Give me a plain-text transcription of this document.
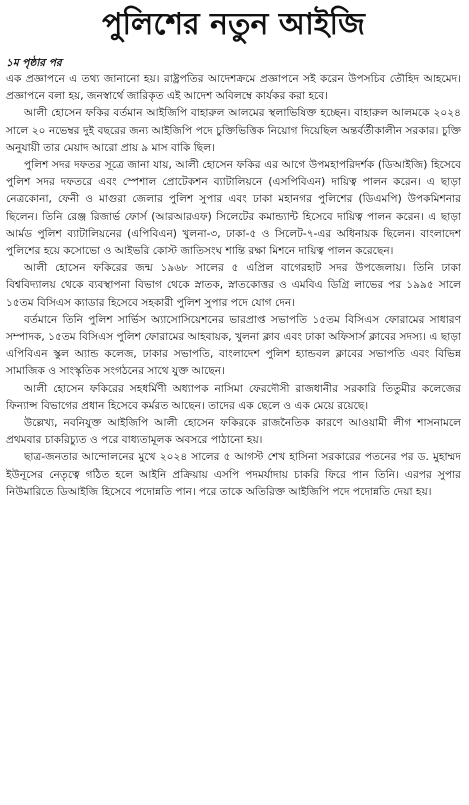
পুলিশের নতুন আইজি
১ম পৃষ্ঠার পর

এক প্রজ্ঞাপনে এ তথ্য জানানো হয়। রাষ্ট্রপতির আদেশক্রমে প্রজ্ঞাপনে সই করেন উপসচিব তৌহিদ আহমেদ। প্রজ্ঞাপনে বলা হয়, জনস্বার্থে জারিকৃত এই আদেশ অবিলম্বে কার্যকর করা হবে।

আলী হোসেন ফকির বর্তমান আইজিপি বাহারুল আলমের স্থলাভিষিক্ত হচ্ছেন। বাহারুল আলমকে ২০২৪ সালে ২০ নভেম্বর দুই বছরের জন্য আইজিপি পদে চুক্তিভিত্তিক নিয়োগ দিয়েছিল অন্তর্বর্তীকালীন সরকার। চুক্তি অনুযায়ী তার মেয়াদ আরো প্রায় ৯ মাস বাকি ছিল।

পুলিশ সদর দফতর সূত্রে জানা যায়, আলী হোসেন ফকির এর আগে উপমহাপরিদর্শক (ডিআইজি) হিসেবে পুলিশ সদর দফতরে এবং স্পেশাল প্রোটেকশন ব্যাটালিয়নে (এসপিবিএন) দায়িত্ব পালন করেন। এ ছাড়া নেত্রকোনা, ফেনী ও মাগুরা জেলার পুলিশ সুপার এবং ঢাকা মহানগর পুলিশের (ডিএমপি) উপকমিশনার ছিলেন। তিনি রেঞ্জ রিজার্ভ ফোর্স (আরআরএফ) সিলেটের কমান্ড্যান্ট হিসেবে দায়িত্ব পালন করেন। এ ছাড়া আর্মড পুলিশ ব্যাটালিয়নের (এপিবিএন) খুলনা-৩, ঢাকা-৫ ও সিলেট-৭-এর অধিনায়ক ছিলেন। বাংলাদেশ পুলিশের হয়ে কসোভো ও আইভরি কোস্ট জাতিসংঘ শান্তি রক্ষা মিশনে দায়িত্ব পালন করেছেন।

আলী হোসেন ফকিরের জন্ম ১৯৬৮ সালের ৫ এপ্রিল বাগেরহাট সদর উপজেলায়। তিনি ঢাকা বিশ্ববিদ্যালয় থেকে ব্যবস্থাপনা বিভাগ থেকে স্নাতক, স্নাতকোত্তর ও এমবিএ ডিগ্রি লাভের পর ১৯৯৫ সালে ১৫তম বিসিএস ক্যাডার হিসেবে সহকারী পুলিশ সুপার পদে যোগ দেন।

বর্তমানে তিনি পুলিশ সার্ভিস অ্যাসোসিয়েশনের ভারপ্রাপ্ত সভাপতি ১৫তম বিসিএস ফোরামের সাধারণ সম্পাদক, ১৫তম বিসিএস পুলিশ ফোরামের আহবায়ক, খুলনা ক্লাব এবং ঢাকা অফিসার্স ক্লাবের সদস্য। এ ছাড়া এপিবিএন স্কুল অ্যান্ড কলেজ, ঢাকার সভাপতি, বাংলাদেশ পুলিশ হ্যান্ডবল ক্লাবের সভাপতি এবং বিভিন্ন সামাজিক ও সাংস্কৃতিক সংগঠনের সাথে যুক্ত আছেন।

আলী হোসেন ফকিরের সহধর্মিণী অধ্যাপক নাসিমা ফেরদৌসী রাজধানীর সরকারি তিতুমীর কলেজের ফিন্যান্স বিভাগের প্রধান হিসেবে কর্মরত আছেন। তাদের এক ছেলে ও এক মেয়ে রয়েছে।

উল্লেখ্য, নবনিযুক্ত আইজিপি আলী হোসেন ফকিরকে রাজনৈতিক কারণে আওয়ামী লীগ শাসনামলে প্রথমবার চাকরিচ্যুত ও পরে বাধ্যতামূলক অবসরে পাঠানো হয়।

ছাত্র-জনতার আন্দোলনের মুখে ২০২৪ সালের ৫ আগস্ট শেখ হাসিনা সরকারের পতনের পর ড. মুহাম্মদ ইউনূসের নেতৃত্বে গঠিত হলে আইনি প্রক্রিয়ায় এসপি পদমর্যাদায় চাকরি ফিরে পান তিনি। এরপর সুপার নিউমারিতে ডিআইজি হিসেবে পদোন্নতি পান। পরে তাকে অতিরিক্ত আইজিপি পদে পদোন্নতি দেয়া হয়।
